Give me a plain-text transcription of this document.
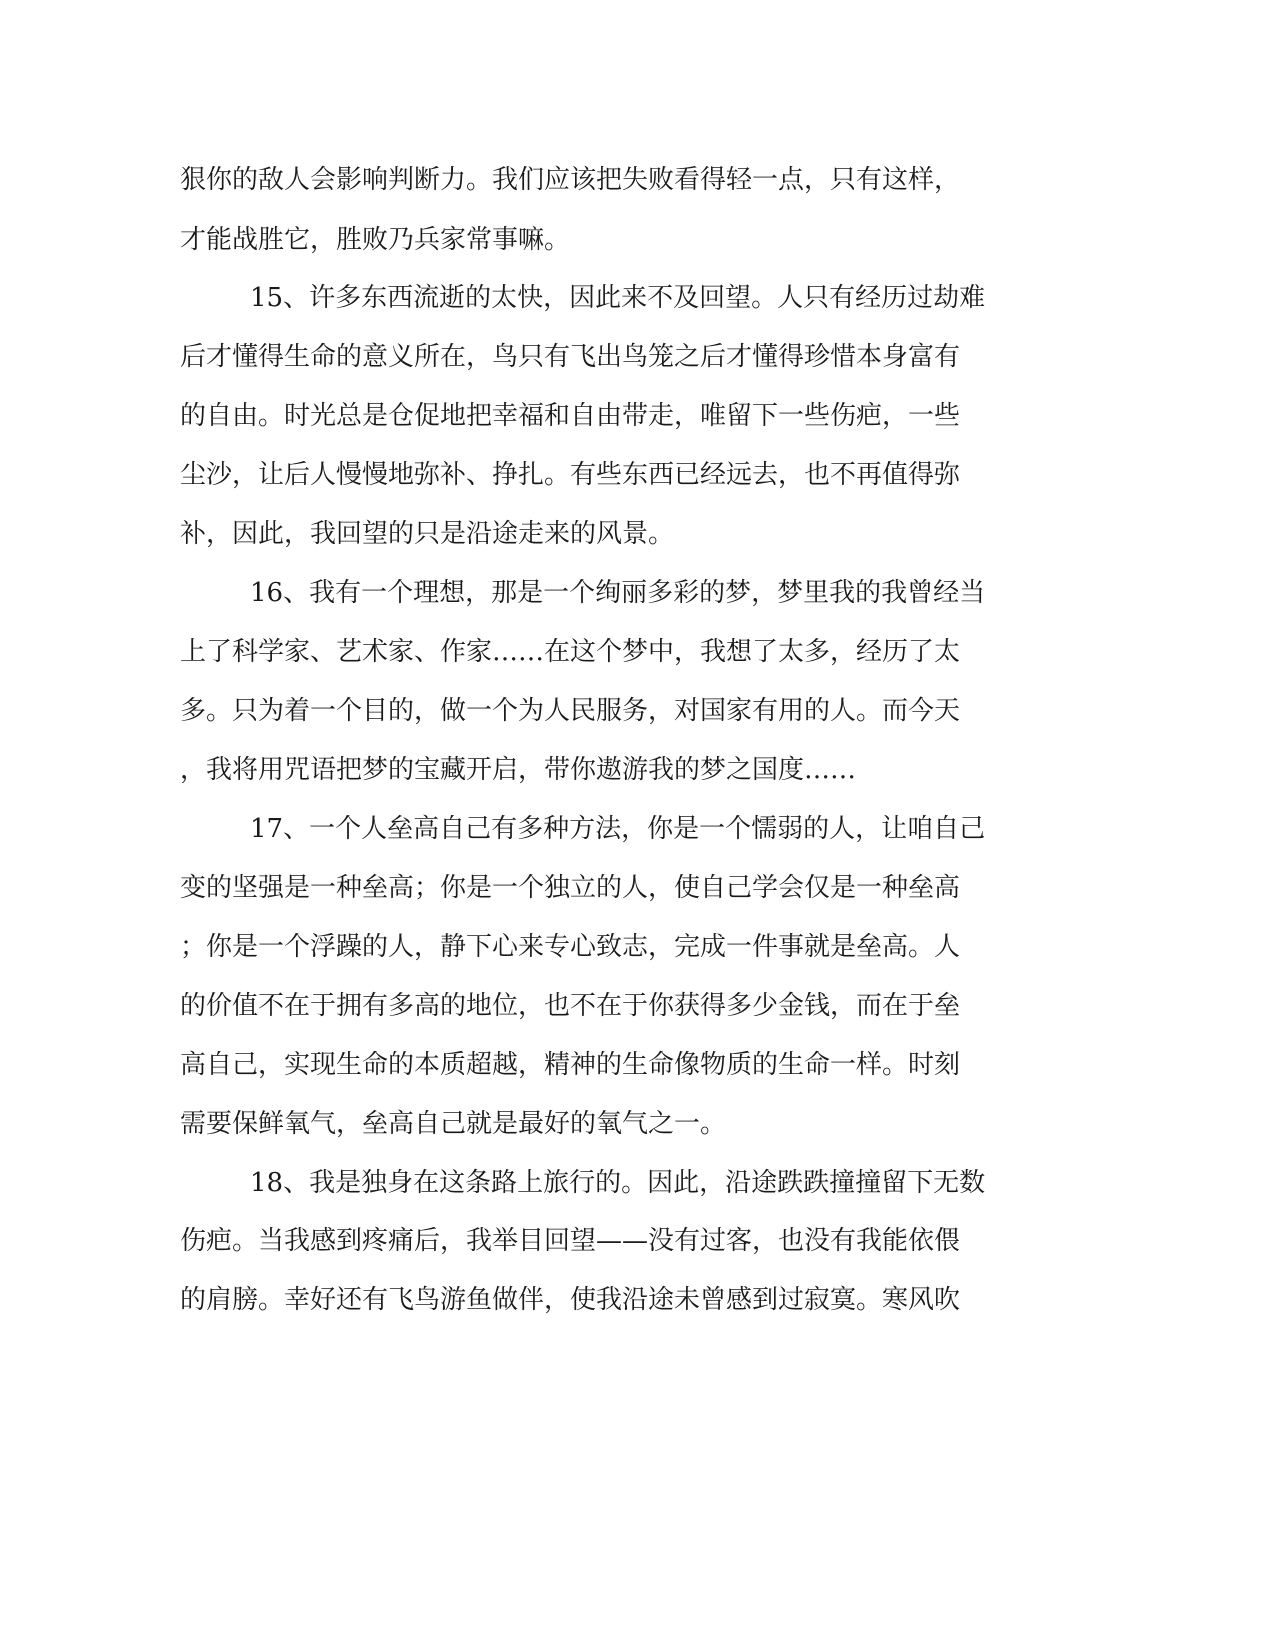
狠你的敌人会影响判断力。我们应该把失败看得轻一点，只有这样，
才能战胜它，胜败乃兵家常事嘛。
15、许多东西流逝的太快，因此来不及回望。人只有经历过劫难
后才懂得生命的意义所在，鸟只有飞出鸟笼之后才懂得珍惜本身富有
的自由。时光总是仓促地把幸福和自由带走，唯留下一些伤疤，一些
尘沙，让后人慢慢地弥补、挣扎。有些东西已经远去，也不再值得弥
补，因此，我回望的只是沿途走来的风景。
16、我有一个理想，那是一个绚丽多彩的梦，梦里我的我曾经当
上了科学家、艺术家、作家……在这个梦中，我想了太多，经历了太
多。只为着一个目的，做一个为人民服务，对国家有用的人。而今天
，我将用咒语把梦的宝藏开启，带你遨游我的梦之国度……
17、一个人垒高自己有多种方法，你是一个懦弱的人，让咱自己
变的坚强是一种垒高；你是一个独立的人，使自己学会仅是一种垒高
；你是一个浮躁的人，静下心来专心致志，完成一件事就是垒高。人
的价值不在于拥有多高的地位，也不在于你获得多少金钱，而在于垒
高自己，实现生命的本质超越，精神的生命像物质的生命一样。时刻
需要保鲜氧气，垒高自己就是最好的氧气之一。
18、我是独身在这条路上旅行的。因此，沿途跌跌撞撞留下无数
伤疤。当我感到疼痛后，我举目回望——没有过客，也没有我能依偎
的肩膀。幸好还有飞鸟游鱼做伴，使我沿途未曾感到过寂寞。寒风吹
